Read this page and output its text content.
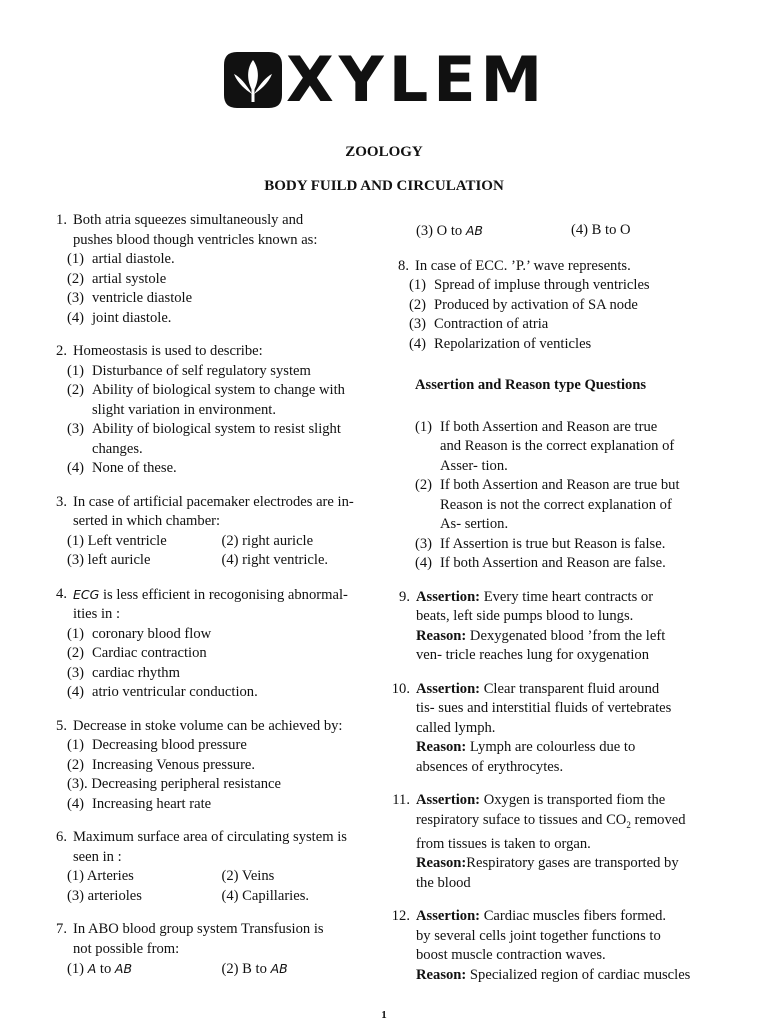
XYLEM
ZOOLOGY
BODY FUILD AND CIRCULATION
1. Both atria squeezes simultaneously and
pushes blood though ventricles known as:
(1) artial diastole.
(2) artial systole
(3) ventricle diastole
(4) joint diastole.
2. Homeostasis is used to describe:
(1) Disturbance of self regulatory system
(2) Ability of biological system to change with
slight variation in environment.
(3) Ability of biological system to resist slight
changes.
(4) None of these.
3. In case of artificial pacemaker electrodes are in-
serted in which chamber:
(1) Left ventricle	(2) right auricle
(3) left auricle	(4) right ventricle.
4. ECG is less efficient in recogonising abnormal-
ities in :
(1) coronary blood flow
(2) Cardiac contraction
(3) cardiac rhythm
(4) atrio ventricular conduction.
5. Decrease in stoke volume can be achieved by:
(1) Decreasing blood pressure
(2) Increasing Venous pressure.
(3).
Decreasing peripheral resistance
(4) Increasing heart rate
6. Maximum surface area of circulating system is
seen in :
(1) Arteries	(2) Veins
(3) arterioles	(4) Capillaries.
7. In ABO blood group system Transfusion is
not possible from:
(1) A to AB	(2) B to AB
(3) O to AB	(4) B to O
8. In case of ECC. ’P.’ wave represents.
(1) Spread of impluse through ventricles
(2) Produced by activation of SA node
(3) Contraction of atria
(4) Repolarization of venticles
Assertion and Reason type Questions
(1) If both Assertion and Reason are true
and Reason is the correct explanation of
Asser- tion.
(2) If both Assertion and Reason are true but
Reason is not the correct explanation of
As- sertion.
(3) If Assertion is true but Reason is false.
(4) If both Assertion and Reason are false.
9. Assertion: Every time heart contracts or
beats, left side pumps blood to lungs.
Reason: Dexygenated blood ’from the left
ven- tricle reaches lung for oxygenation
10. Assertion: Clear transparent fluid around
tis- sues and interstitial fluids of vertebrates
called lymph.
Reason: Lymph are colourless due to
absences of erythrocytes.
11. Assertion: Oxygen is transported fiom the
respiratory suface to tissues and $CO_2$ removed
from tissues is taken to organ.
Reason:Respiratory gases are transported by
the blood
12. Assertion: Cardiac muscles fibers formed.
by several cells joint together functions to
boost muscle contraction waves.
Reason: Specialized region of cardiac muscles
1
